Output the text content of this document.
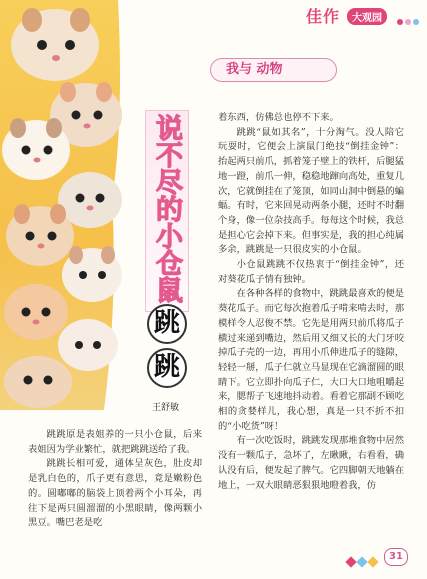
佳作	大观园
我与 动物
说不尽的小仓鼠
跳
跳
王舒敏

跳跳原是表姐养的一只小仓鼠，后来表姐因为学业繁忙，就把跳跳送给了我。

跳跳长相可爱，通体呈灰色，肚皮却是乳白色的，爪子更有意思，竟是嫩粉色的。圆嘟嘟的脑袋上顶着两个小耳朵，再往下是两只圆溜溜的小黑眼睛，像两颗小黑豆。嘴巴老是吃

着东西，仿佛总也停不下来。

跳跳“鼠如其名”，十分淘气。没人陪它玩耍时，它便会上演鼠门绝技“倒挂金钟”：抬起两只前爪，抓着笼子壁上的铁杆，后腿猛地一蹬，前爪一伸，稳稳地蹿向高处，重复几次，它就倒挂在了笼顶，如同山洞中倒悬的蝙蝠。有时，它来回晃动两条小腿，还时不时翻个身，像一位杂技高手。每每这个时候，我总是担心它会掉下来。但事实是，我的担心纯属多余，跳跳是一只很皮实的小仓鼠。

小仓鼠跳跳不仅热衷于“倒挂金钟”，还对葵花瓜子情有独钟。

在各种各样的食物中，跳跳最喜欢的便是葵花瓜子。而它每次抱着瓜子啃来啃去时，那模样令人忍俊不禁。它先是用两只前爪将瓜子横过来递到嘴边，然后用又细又长的大门牙咬掉瓜子壳的一边，再用小爪伸进瓜子的缝隙，轻轻一掰，瓜子仁就立马显现在它滴溜圆的眼睛下。它立即扑向瓜子仁，大口大口地咀嚼起来，腮帮子飞速地抖动着。看着它那副不顾吃相的贪婪样儿，我心想，真是一只不折不扣的“小吃货”呀！

有一次吃饭时，跳跳发现那堆食物中居然没有一颗瓜子，急坏了，左瞅瞅，右看看，确认没有后，便发起了脾气。它四脚朝天地躺在地上，一双大眼睛恶狠狠地瞪着我，仿

31
